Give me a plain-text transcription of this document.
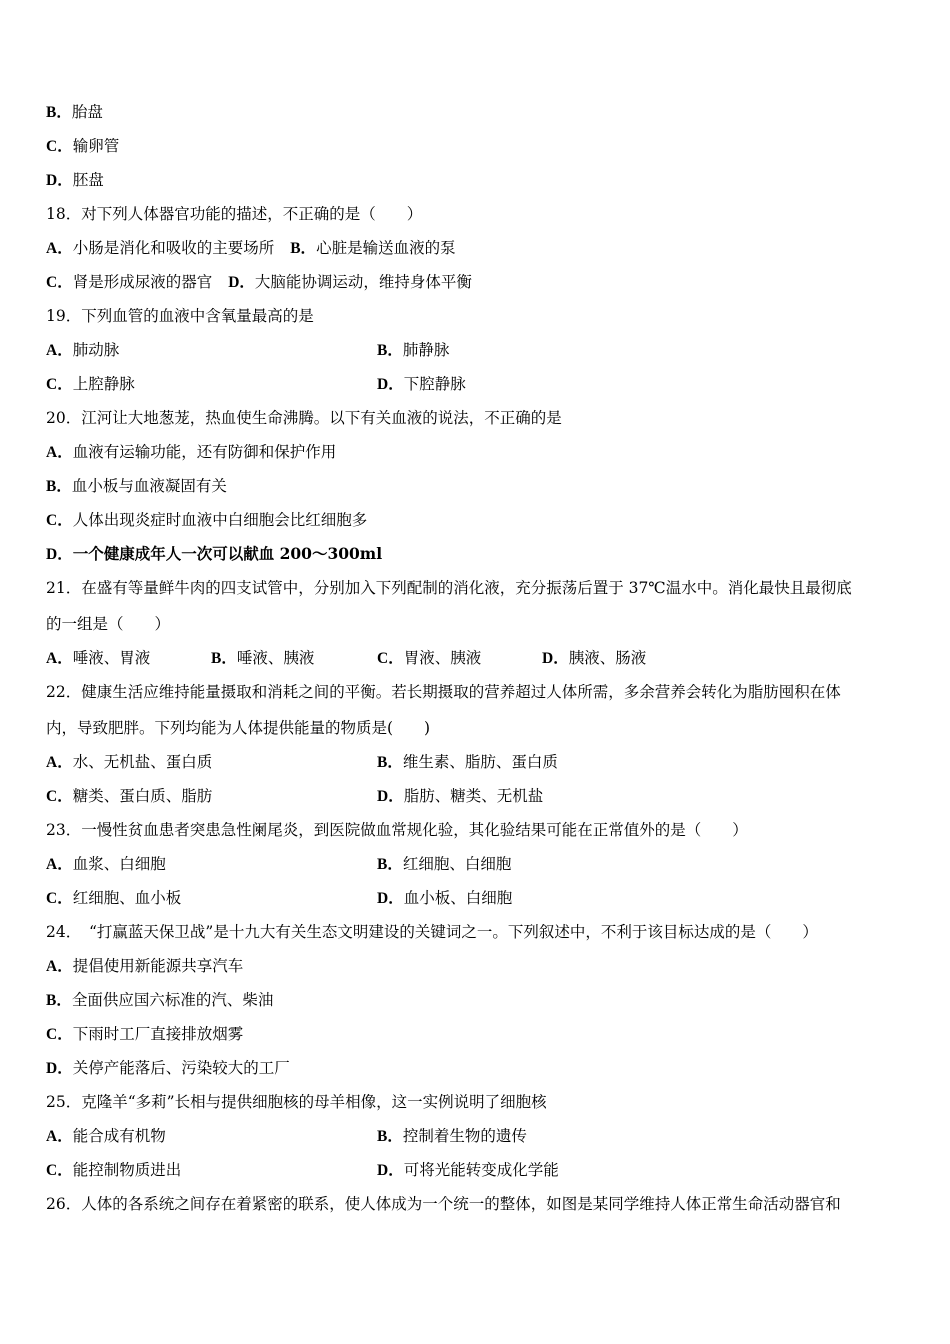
B．胎盘
C．输卵管
D．胚盘
18．对下列人体器官功能的描述，不正确的是（　　）
A．小肠是消化和吸收的主要场所 B．心脏是输送血液的泵
C．肾是形成尿液的器官 D．大脑能协调运动，维持身体平衡
19．下列血管的血液中含氧量最高的是
A．肺动脉	B．肺静脉
C．上腔静脉	D．下腔静脉
20．江河让大地葱茏，热血使生命沸腾。以下有关血液的说法，不正确的是
A．血液有运输功能，还有防御和保护作用
B．血小板与血液凝固有关
C．人体出现炎症时血液中白细胞会比红细胞多
D．一个健康成年人一次可以献血 200～300ml
21．在盛有等量鲜牛肉的四支试管中，分别加入下列配制的消化液，充分振荡后置于 37℃温水中。消化最快且最彻底
的一组是（　　）
A．唾液、胃液	B．唾液、胰液	C．胃液、胰液	D．胰液、肠液
22．健康生活应维持能量摄取和消耗之间的平衡。若长期摄取的营养超过人体所需，多余营养会转化为脂肪囤积在体
内，导致肥胖。下列均能为人体提供能量的物质是(　　)
A．水、无机盐、蛋白质	B．维生素、脂肪、蛋白质
C．糖类、蛋白质、脂肪	D．脂肪、糖类、无机盐
23．一慢性贫血患者突患急性阑尾炎，到医院做血常规化验，其化验结果可能在正常值外的是（　　）
A．血浆、白细胞	B．红细胞、白细胞
C．红细胞、血小板	D．血小板、白细胞
24．　“打赢蓝天保卫战”是十九大有关生态文明建设的关键词之一。下列叙述中，不利于该目标达成的是（　　）
A．提倡使用新能源共享汽车
B．全面供应国六标准的汽、柴油
C．下雨时工厂直接排放烟雾
D．关停产能落后、污染较大的工厂
25．克隆羊“多莉”长相与提供细胞核的母羊相像，这一实例说明了细胞核
A．能合成有机物	B．控制着生物的遗传
C．能控制物质进出	D．可将光能转变成化学能
26．人体的各系统之间存在着紧密的联系，使人体成为一个统一的整体，如图是某同学维持人体正常生命活动器官和
